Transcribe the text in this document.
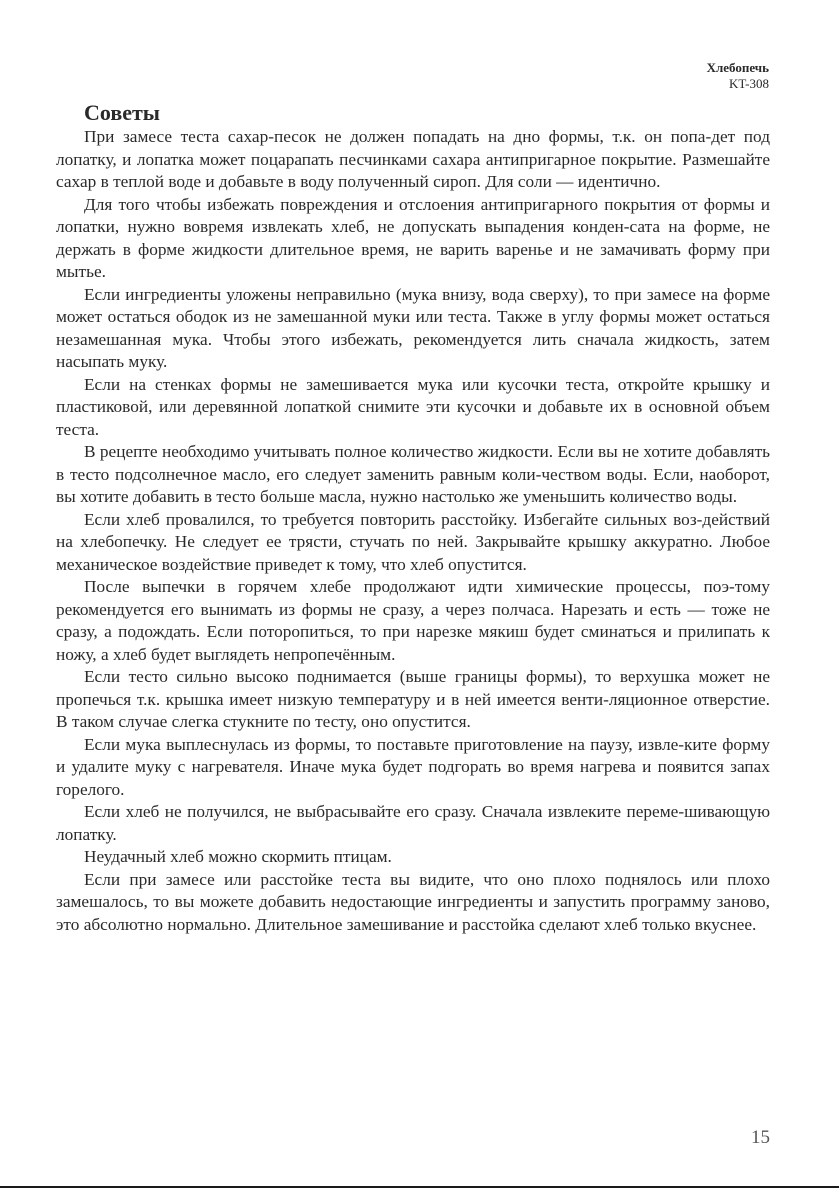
Хлебопечь
KT-308
Советы

При замесе теста сахар-песок не должен попадать на дно формы, т.к. он попа-дет под лопатку, и лопатка может поцарапать песчинками сахара антипригарное покрытие. Размешайте сахар в теплой воде и добавьте в воду полученный сироп. Для соли — идентично.

Для того чтобы избежать повреждения и отслоения антипригарного покрытия от формы и лопатки, нужно вовремя извлекать хлеб, не допускать выпадения конден-сата на форме, не держать в форме жидкости длительное время, не варить варенье и не замачивать форму при мытье.

Если ингредиенты уложены неправильно (мука внизу, вода сверху), то при замесе на форме может остаться ободок из не замешанной муки или теста. Также в углу формы может остаться незамешанная мука. Чтобы этого избежать, рекомендуется лить сначала жидкость, затем насыпать муку.

Если на стенках формы не замешивается мука или кусочки теста, откройте крышку и пластиковой, или деревянной лопаткой снимите эти кусочки и добавьте их в основной объем теста.

В рецепте необходимо учитывать полное количество жидкости. Если вы не хотите добавлять в тесто подсолнечное масло, его следует заменить равным коли-чеством воды. Если, наоборот, вы хотите добавить в тесто больше масла, нужно настолько же уменьшить количество воды.

Если хлеб провалился, то требуется повторить расстойку. Избегайте сильных воз-действий на хлебопечку. Не следует ее трясти, стучать по ней. Закрывайте крышку аккуратно. Любое механическое воздействие приведет к тому, что хлеб опустится.

После выпечки в горячем хлебе продолжают идти химические процессы, поэ-тому рекомендуется его вынимать из формы не сразу, а через полчаса. Нарезать и есть — тоже не сразу, а подождать. Если поторопиться, то при нарезке мякиш будет сминаться и прилипать к ножу, а хлеб будет выглядеть непропечённым.

Если тесто сильно высоко поднимается (выше границы формы), то верхушка может не пропечься т.к. крышка имеет низкую температуру и в ней имеется венти-ляционное отверстие. В таком случае слегка стукните по тесту, оно опустится.

Если мука выплеснулась из формы, то поставьте приготовление на паузу, извле-ките форму и удалите муку с нагревателя. Иначе мука будет подгорать во время нагрева и появится запах горелого.

Если хлеб не получился, не выбрасывайте его сразу. Сначала извлеките переме-шивающую лопатку.

Неудачный хлеб можно скормить птицам.

Если при замесе или расстойке теста вы видите, что оно плохо поднялось или плохо замешалось, то вы можете добавить недостающие ингредиенты и запустить программу заново, это абсолютно нормально. Длительное замешивание и расстойка сделают хлеб только вкуснее.

15
